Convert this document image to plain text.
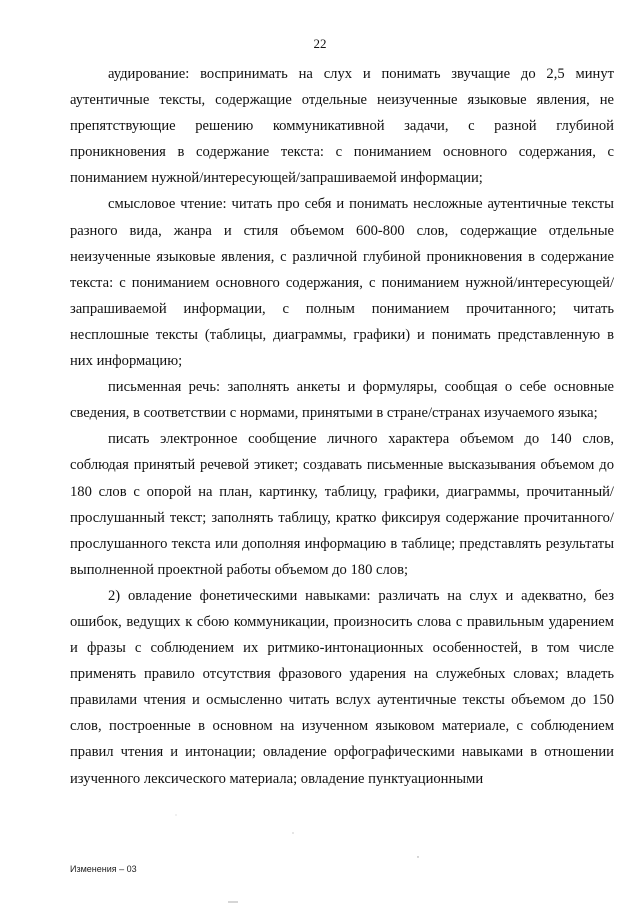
22

аудирование: воспринимать на слух и понимать звучащие до 2,5 минут аутентичные тексты, содержащие отдельные неизученные языковые явления, не препятствующие решению коммуникативной задачи, с разной глубиной проникновения в содержание текста: с пониманием основного содержания, с пониманием нужной/интересующей/запрашиваемой информации;

смысловое чтение: читать про себя и понимать несложные аутентичные тексты разного вида, жанра и стиля объемом 600-800 слов, содержащие отдельные неизученные языковые явления, с различной глубиной проникновения в содержание текста: с пониманием основного содержания, с пониманием нужной/интересующей/запрашиваемой информации, с полным пониманием прочитанного; читать несплошные тексты (таблицы, диаграммы, графики) и понимать представленную в них информацию;

письменная речь: заполнять анкеты и формуляры, сообщая о себе основные сведения, в соответствии с нормами, принятыми в стране/странах изучаемого языка;

писать электронное сообщение личного характера объемом до 140 слов, соблюдая принятый речевой этикет; создавать письменные высказывания объемом до 180 слов с опорой на план, картинку, таблицу, графики, диаграммы, прочитанный/прослушанный текст; заполнять таблицу, кратко фиксируя содержание прочитанного/прослушанного текста или дополняя информацию в таблице; представлять результаты выполненной проектной работы объемом до 180 слов;

2) овладение фонетическими навыками: различать на слух и адекватно, без ошибок, ведущих к сбою коммуникации, произносить слова с правильным ударением и фразы с соблюдением их ритмико-интонационных особенностей, в том числе применять правило отсутствия фразового ударения на служебных словах; владеть правилами чтения и осмысленно читать вслух аутентичные тексты объемом до 150 слов, построенные в основном на изученном языковом материале, с соблюдением правил чтения и интонации; овладение орфографическими навыками в отношении изученного лексического материала; овладение пунктуационными

Изменения – 03
